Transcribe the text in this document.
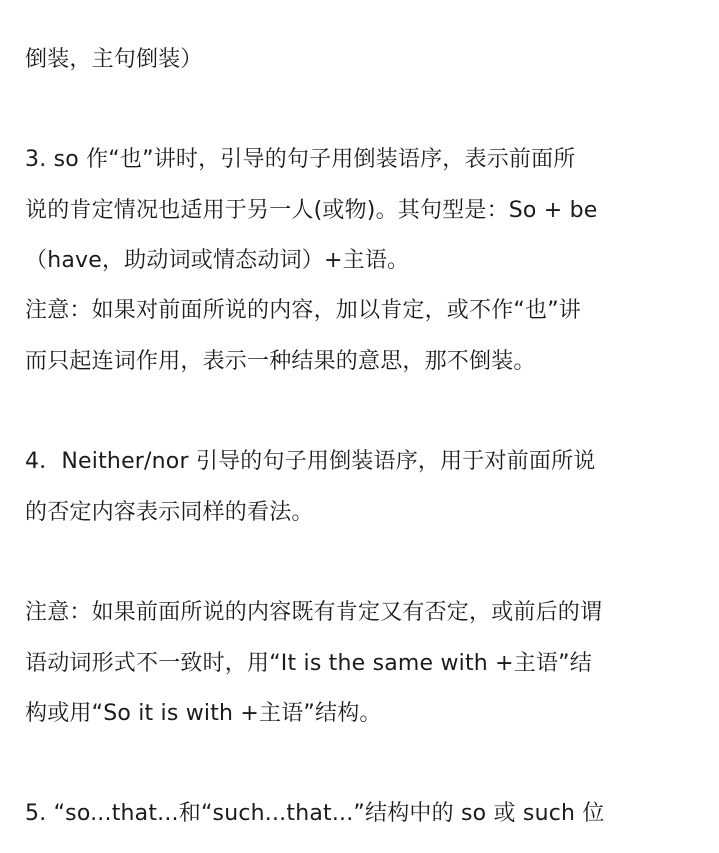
倒装，主句倒装）
3. so 作“也”讲时，引导的句子用倒装语序，表示前面所
说的肯定情况也适用于另一人(或物)。其句型是：So + be
（have，助动词或情态动词）+主语。
注意：如果对前面所说的内容，加以肯定，或不作“也”讲
而只起连词作用，表示一种结果的意思，那不倒装。
4．Neither/nor 引导的句子用倒装语序，用于对前面所说
的否定内容表示同样的看法。
注意：如果前面所说的内容既有肯定又有否定，或前后的谓
语动词形式不一致时，用“It is the same with +主语”结
构或用“So it is with +主语”结构。
5. “so...that...和“such...that...”结构中的 so 或 such 位
